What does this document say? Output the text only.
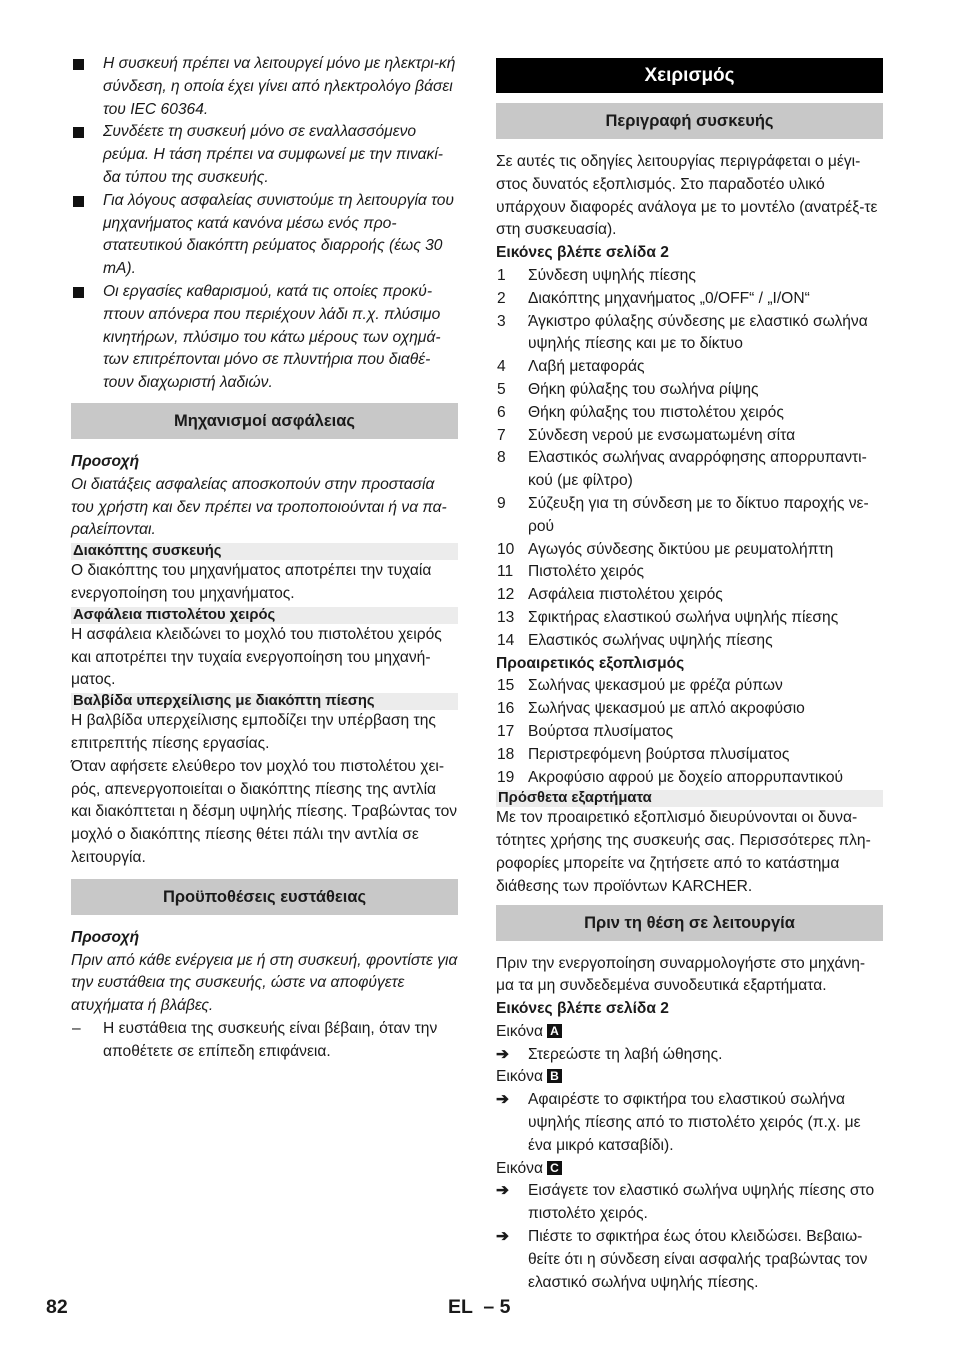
Η συσκευή πρέπει να λειτουργεί μόνο με ηλεκτρι-κή σύνδεση, η οποία έχει γίνει από ηλεκτρολόγο βάσει του IEC 60364.

Συνδέετε τη συσκευή μόνο σε εναλλασσόμενο ρεύμα. Η τάση πρέπει να συμφωνεί με την πινακί-δα τύπου της συσκευής.

Για λόγους ασφαλείας συνιστούμε τη λειτουργία του μηχανήματος κατά κανόνα μέσω ενός προ-στατευτικού διακόπτη ρεύματος διαρροής (έως 30 mA).

Οι εργασίες καθαρισμού, κατά τις οποίες προκύ-πτουν απόνερα που περιέχουν λάδι π.χ. πλύσιμο κινητήρων, πλύσιμο του κάτω μέρους των οχημά-των επιτρέπονται μόνο σε πλυντήρια που διαθέ-τουν διαχωριστή λαδιών.

Μηχανισμοί ασφάλειας

Προσοχή

Οι διατάξεις ασφαλείας αποσκοπούν στην προστασία του χρήστη και δεν πρέπει να τροποποιούνται ή να πα-ραλείπονται.

Διακόπτης συσκευής

Ο διακόπτης του μηχανήματος αποτρέπει την τυχαία ενεργοποίηση του μηχανήματος.

Ασφάλεια πιστολέτου χειρός

Η ασφάλεια κλειδώνει το μοχλό του πιστολέτου χειρός και αποτρέπει την τυχαία ενεργοποίηση του μηχανή-ματος.

Βαλβίδα υπερχείλισης με διακόπτη πίεσης

Η βαλβίδα υπερχείλισης εμποδίζει την υπέρβαση της επιτρεπτής πίεσης εργασίας.

Όταν αφήσετε ελεύθερο τον μοχλό του πιστολέτου χει-ρός, απενεργοποιείται ο διακόπτης πίεσης της αντλία και διακόπτεται η δέσμη υψηλής πίεσης. Τραβώντας τον μοχλό ο διακόπτης πίεσης θέτει πάλι την αντλία σε λειτουργία.

Προϋποθέσεις ευστάθειας

Προσοχή

Πριν από κάθε ενέργεια με ή στη συσκευή, φροντίστε για την ευστάθεια της συσκευής, ώστε να αποφύγετε ατυχήματα ή βλάβες.

– Η ευστάθεια της συσκευής είναι βέβαιη, όταν την αποθέτετε σε επίπεδη επιφάνεια.

Χειρισμός
Περιγραφή συσκευής

Σε αυτές τις οδηγίες λειτουργίας περιγράφεται ο μέγι-στος δυνατός εξοπλισμός. Στο παραδοτέο υλικό υπάρχουν διαφορές ανάλογα με το μοντέλο (ανατρέξ-τε στη συσκευασία).

Εικόνες βλέπε σελίδα 2

1 Σύνδεση υψηλής πίεσης

2 Διακόπτης μηχανήματος „0/OFF“ / „I/ON“

3 Άγκιστρο φύλαξης σύνδεσης με ελαστικό σωλήνα υψηλής πίεσης και με το δίκτυο

4 Λαβή μεταφοράς

5 Θήκη φύλαξης του σωλήνα ρίψης

6 Θήκη φύλαξης του πιστολέτου χειρός

7 Σύνδεση νερού με ενσωματωμένη σίτα

8 Ελαστικός σωλήνας αναρρόφησης απορρυπαντι-κού (με φίλτρο)

9 Σύζευξη για τη σύνδεση με το δίκτυο παροχής νε-ρού

10 Αγωγός σύνδεσης δικτύου με ρευματολήπτη

11 Πιστολέτο χειρός

12 Ασφάλεια πιστολέτου χειρός

13 Σφικτήρας ελαστικού σωλήνα υψηλής πίεσης

14 Ελαστικός σωλήνας υψηλής πίεσης

Προαιρετικός εξοπλισμός

15 Σωλήνας ψεκασμού με φρέζα ρύπων

16 Σωλήνας ψεκασμού με απλό ακροφύσιο

17 Βούρτσα πλυσίματος

18 Περιστρεφόμενη βούρτσα πλυσίματος

19 Ακροφύσιο αφρού με δοχείο απορρυπαντικού

Πρόσθετα εξαρτήματα

Με τον προαιρετικό εξοπλισμό διευρύνονται οι δυνα-τότητες χρήσης της συσκευής σας. Περισσότερες πλη-ροφορίες μπορείτε να ζητήσετε από το κατάστημα διάθεσης των προϊόντων KARCHER.

Πριν τη θέση σε λειτουργία

Πριν την ενεργοποίηση συναρμολογήστε στο μηχάνη-μα τα μη συνδεδεμένα συνοδευτικά εξαρτήματα.

Εικόνες βλέπε σελίδα 2

Εικόνα A

➔ Στερεώστε τη λαβή ώθησης.

Εικόνα B

➔ Αφαιρέστε το σφικτήρα του ελαστικού σωλήνα υψηλής πίεσης από το πιστολέτο χειρός (π.χ. με ένα μικρό κατσαβίδι).

Εικόνα C

➔ Εισάγετε τον ελαστικό σωλήνα υψηλής πίεσης στο πιστολέτο χειρός.

➔ Πιέστε το σφικτήρα έως ότου κλειδώσει. Βεβαιω-θείτε ότι η σύνδεση είναι ασφαλής τραβώντας τον ελαστικό σωλήνα υψηλής πίεσης.

82	EL  – 5
